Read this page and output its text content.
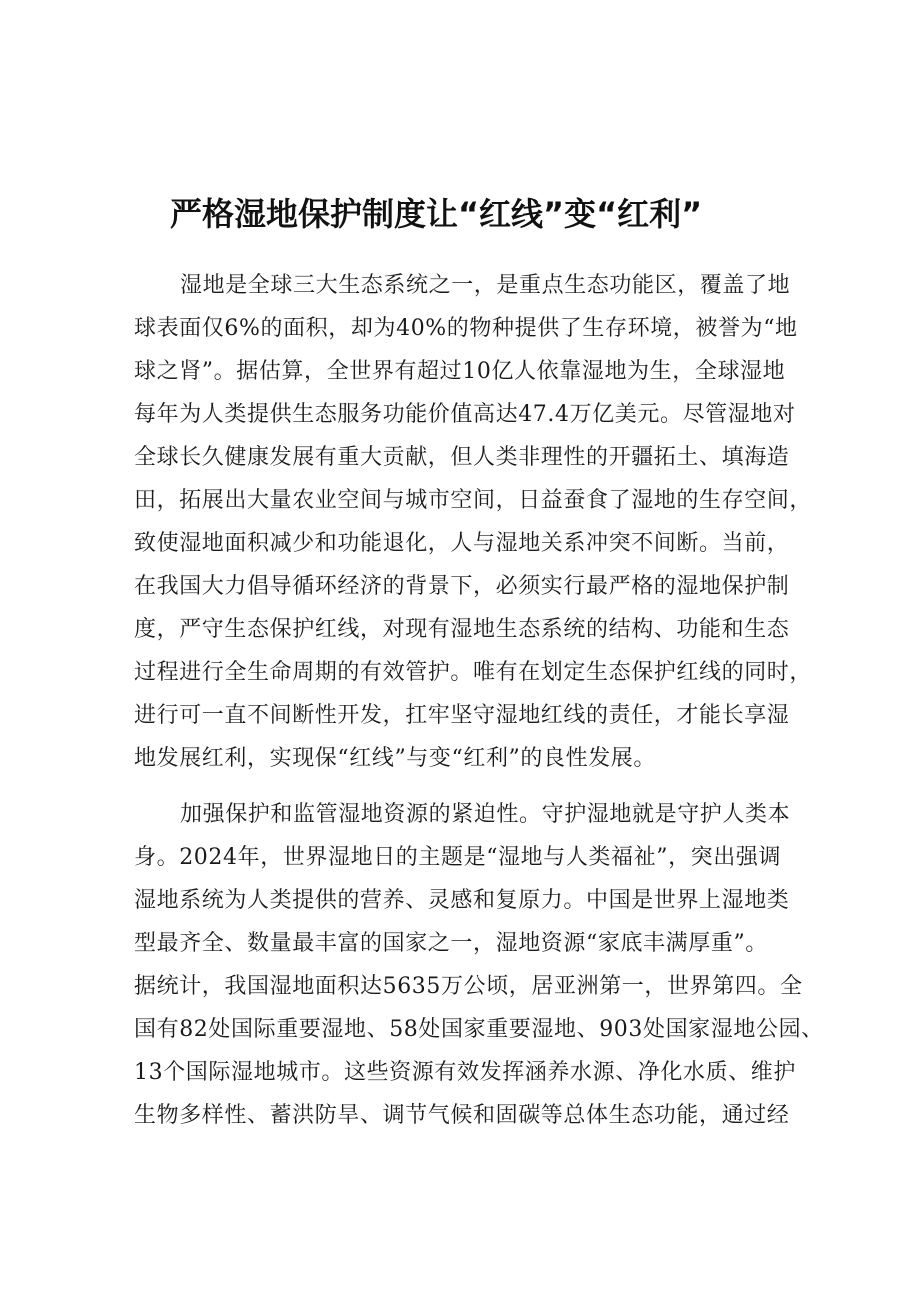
严格湿地保护制度让“红线”变“红利”

湿地是全球三大生态系统之一，是重点生态功能区，覆盖了地

球表面仅6%的面积，却为40%的物种提供了生存环境，被誉为“地

球之肾”。据估算，全世界有超过10亿人依靠湿地为生，全球湿地

每年为人类提供生态服务功能价值高达47.4万亿美元。尽管湿地对

全球长久健康发展有重大贡献，但人类非理性的开疆拓土、填海造

田，拓展出大量农业空间与城市空间，日益蚕食了湿地的生存空间，

致使湿地面积减少和功能退化，人与湿地关系冲突不间断。当前，

在我国大力倡导循环经济的背景下，必须实行最严格的湿地保护制

度，严守生态保护红线，对现有湿地生态系统的结构、功能和生态

过程进行全生命周期的有效管护。唯有在划定生态保护红线的同时，

进行可一直不间断性开发，扛牢坚守湿地红线的责任，才能长享湿

地发展红利，实现保“红线”与变“红利”的良性发展。

加强保护和监管湿地资源的紧迫性。守护湿地就是守护人类本

身。2024年，世界湿地日的主题是“湿地与人类福祉”，突出强调

湿地系统为人类提供的营养、灵感和复原力。中国是世界上湿地类

型最齐全、数量最丰富的国家之一，湿地资源“家底丰满厚重”。

据统计，我国湿地面积达5635万公顷，居亚洲第一，世界第四。全

国有82处国际重要湿地、58处国家重要湿地、903处国家湿地公园、

13个国际湿地城市。这些资源有效发挥涵养水源、净化水质、维护

生物多样性、蓄洪防旱、调节气候和固碳等总体生态功能，通过经
